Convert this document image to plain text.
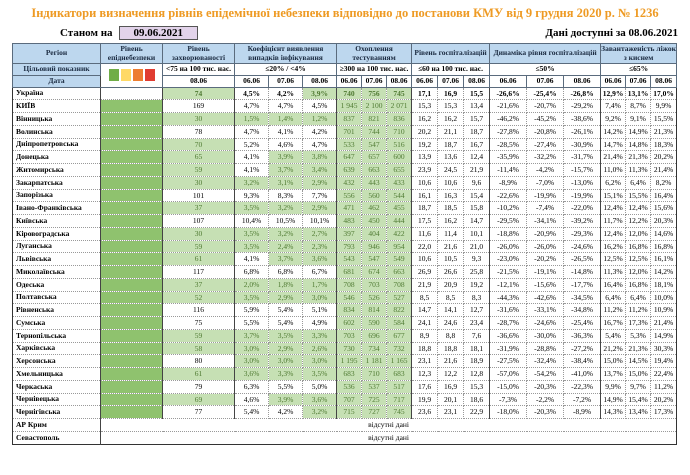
Індикатори визначення рівнів епідемічної небезпеки відповідно до постанови КМУ від 9 грудня 2020 р. № 1236
Станом на	09.06.2021	Дані доступні за 08.06.2021
Регіон	Рівень епіднебезпеки	Рівень захворюваності	Коефіцієнт виявлення випадків інфікування			Охоплення тестуванням			Рівень госпіталізацій			Динаміка рівня госпіталізацій			Завантаженість ліжок з киснем		
Цільовий показник		<75 на 100 тис. нас.	≤20% / <4%			≥300 на 100 тис. нас.			≤60 на 100 тис. нас.			≤50%			≤65%		
Дата		08.06	06.06	07.06	08.06	06.06	07.06	08.06	06.06	07.06	08.06	06.06	07.06	08.06	06.06	07.06	08.06
Україна		74	4,5%	4,2%	3,9%	740	756	745	17,1	16,9	15,5	-26,6%	-25,4%	-26,8%	12,9%	13,1%	17,0%
КИЇВ		169	4,7%	4,7%	4,5%	1 945	2 100	2 071	15,3	15,3	13,4	-21,6%	-20,7%	-29,2%	7,4%	8,7%	9,9%
Вінницька		30	1,5%	1,4%	1,2%	837	821	836	16,2	16,2	15,7	-46,2%	-45,2%	-38,6%	9,2%	9,1%	15,5%
Волинська		78	4,7%	4,1%	4,2%	701	744	710	20,2	21,1	18,7	-27,8%	-20,8%	-26,1%	14,2%	14,9%	21,3%
Дніпропетровська		70	5,2%	4,6%	4,7%	533	547	516	19,2	18,7	16,7	-28,5%	-27,4%	-30,9%	14,7%	14,8%	18,3%
Донецька		65	4,1%	3,9%	3,8%	647	657	600	13,9	13,6	12,4	-35,9%	-32,2%	-31,7%	21,4%	21,3%	20,2%
Житомирська		59	4,1%	3,7%	3,4%	639	663	655	23,9	24,5	21,9	-11,4%	-4,2%	-15,7%	11,0%	11,3%	21,4%
Закарпатська		30	3,2%	3,1%	2,9%	432	443	433	10,6	10,6	9,6	-8,9%	-7,0%	-13,0%	6,2%	6,4%	8,2%
Запорізька		101	9,3%	8,3%	7,7%	556	560	544	16,1	16,3	15,4	-22,6%	-19,9%	-19,9%	15,1%	15,5%	16,4%
Івано-Франківська		37	3,5%	3,2%	2,9%	471	462	455	18,7	18,5	15,8	-10,2%	-7,4%	-22,0%	12,4%	12,4%	15,6%
Київська		107	10,4%	10,5%	10,1%	483	450	444	17,5	16,2	14,7	-29,5%	-34,1%	-39,2%	11,7%	12,2%	20,3%
Кіровоградська		30	3,5%	3,2%	2,7%	397	404	422	11,6	11,4	10,1	-18,8%	-20,9%	-29,3%	12,4%	12,0%	14,6%
Луганська		59	3,5%	2,4%	2,3%	793	946	954	22,0	21,6	21,0	-26,0%	-26,0%	-24,6%	16,2%	16,8%	16,8%
Львівська		61	4,1%	3,7%	3,6%	543	547	549	10,6	10,5	9,3	-23,0%	-20,2%	-26,5%	12,5%	12,5%	16,1%
Миколаївська		117	6,8%	6,8%	6,7%	681	674	663	26,9	26,6	25,8	-21,5%	-19,1%	-14,8%	11,3%	12,0%	14,2%
Одеська		37	2,0%	1,8%	1,7%	708	703	708	21,9	20,9	19,2	-12,1%	-15,6%	-17,7%	16,4%	16,8%	18,1%
Полтавська		52	3,5%	2,9%	3,0%	546	526	527	8,5	8,5	8,3	-44,3%	-42,6%	-34,5%	6,4%	6,4%	10,0%
Рівненська		116	5,9%	5,4%	5,1%	834	814	822	14,7	14,1	12,7	-31,6%	-33,1%	-34,8%	11,2%	11,2%	10,9%
Сумська		75	5,5%	5,4%	4,9%	602	590	584	24,1	24,6	23,4	-28,7%	-24,6%	-25,4%	16,7%	17,3%	21,4%
Тернопільська		59	3,7%	3,5%	3,3%	703	696	677	8,9	8,8	7,6	-36,6%	-30,0%	-36,3%	5,4%	5,3%	14,9%
Харківська		58	3,0%	2,9%	2,6%	730	734	732	18,8	18,8	18,1	-31,9%	-28,8%	-27,2%	21,2%	21,3%	30,3%
Херсонська		80	3,0%	3,0%	3,0%	1 195	1 181	1 165	23,1	21,6	18,9	-27,5%	-32,4%	-38,4%	15,0%	14,5%	19,4%
Хмельницька		61	3,6%	3,3%	3,5%	683	710	683	12,3	12,2	12,8	-57,0%	-54,2%	-41,0%	13,7%	15,0%	22,4%
Черкаська		79	6,3%	5,5%	5,0%	536	537	517	17,6	16,9	15,3	-15,0%	-20,3%	-22,3%	9,9%	9,7%	11,2%
Чернівецька		69	4,6%	3,9%	3,6%	707	725	717	19,9	20,1	18,6	-7,3%	-2,2%	-7,2%	14,9%	15,4%	20,2%
Чернігівська		77	5,4%	4,2%	3,2%	715	727	745	23,6	23,1	22,9	-18,0%	-20,3%	-8,9%	14,3%	13,4%	17,3%
АР Крим	відсутні дані																
Севастополь	відсутні дані																
